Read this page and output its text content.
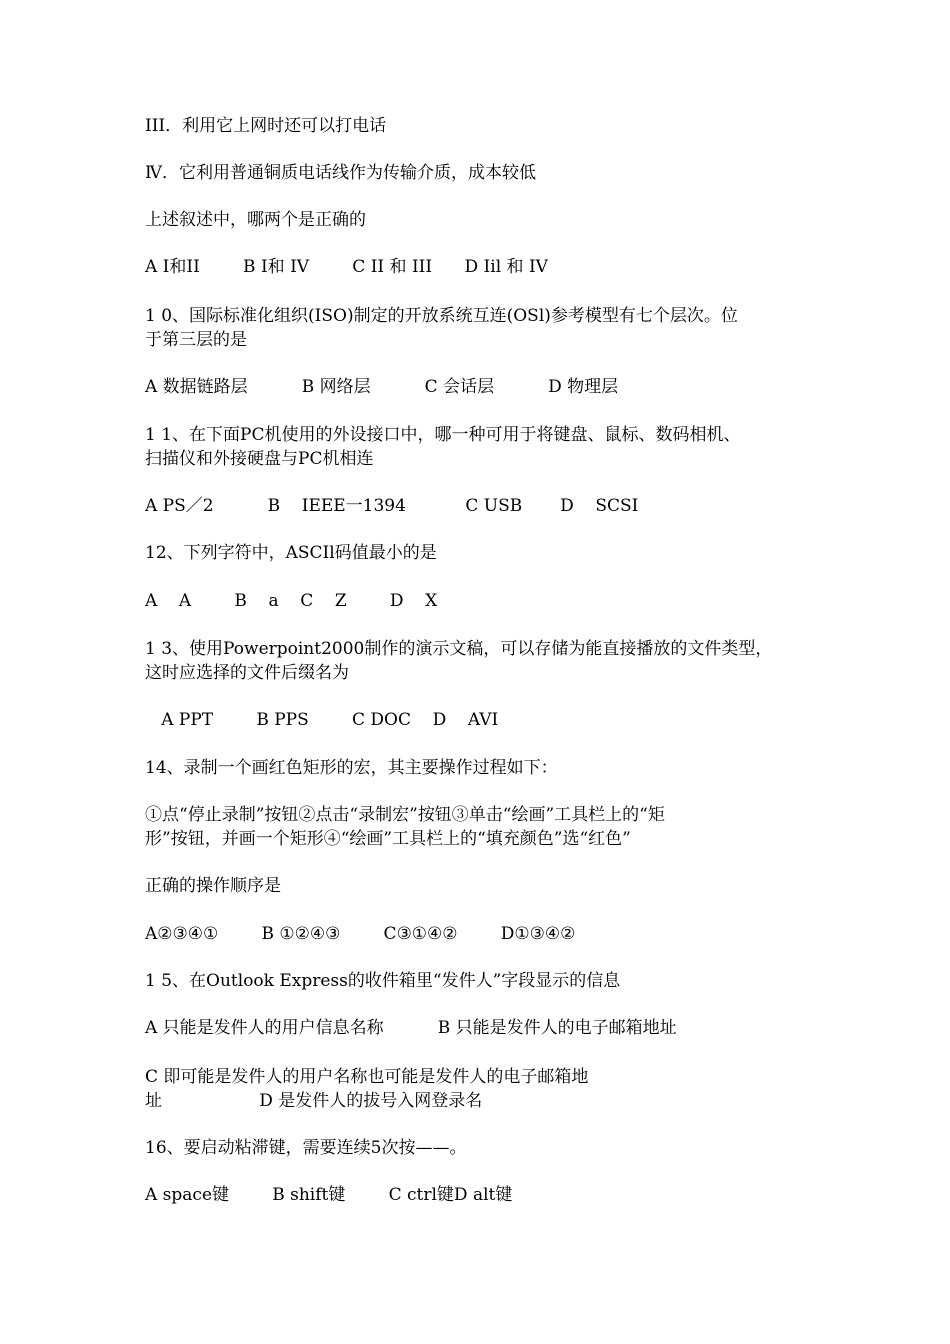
III．利用它上网时还可以打电话
Ⅳ．它利用普通铜质电话线作为传输介质，成本较低
上述叙述中，哪两个是正确的
A I和II        B I和 IV        C II 和 III      D Iil 和 IV
1 0、国际标准化组织(ISO)制定的开放系统互连(OSl)参考模型有七个层次。位
于第三层的是
A 数据链路层          B 网络层          C 会话层          D 物理层
1 1、在下面PC机使用的外设接口中，哪一种可用于将键盘、鼠标、数码相机、
扫描仪和外接硬盘与PC机相连
A PS／2          B    IEEE一1394           C USB       D    SCSI
12、下列字符中，ASCIl码值最小的是
A    A        B    a    C    Z        D    X
1 3、使用Powerpoint2000制作的演示文稿，可以存储为能直接播放的文件类型，
这时应选择的文件后缀名为
A PPT        B PPS        C DOC    D    AVI
14、录制一个画红色矩形的宏，其主要操作过程如下：
①点“停止录制”按钮②点击“录制宏”按钮③单击“绘画”工具栏上的“矩
形”按钮，并画一个矩形④“绘画”工具栏上的“填充颜色”选“红色”
正确的操作顺序是
A②③④①        B ①②④③        C③①④②        D①③④②
1 5、在Outlook Express的收件箱里“发件人”字段显示的信息
A 只能是发件人的用户信息名称          B 只能是发件人的电子邮箱地址
C 即可能是发件人的用户名称也可能是发件人的电子邮箱地
址                  D 是发件人的拔号入网登录名
16、要启动粘滞键，需要连续5次按——。
A space键        B shift键        C ctrl键D alt键
